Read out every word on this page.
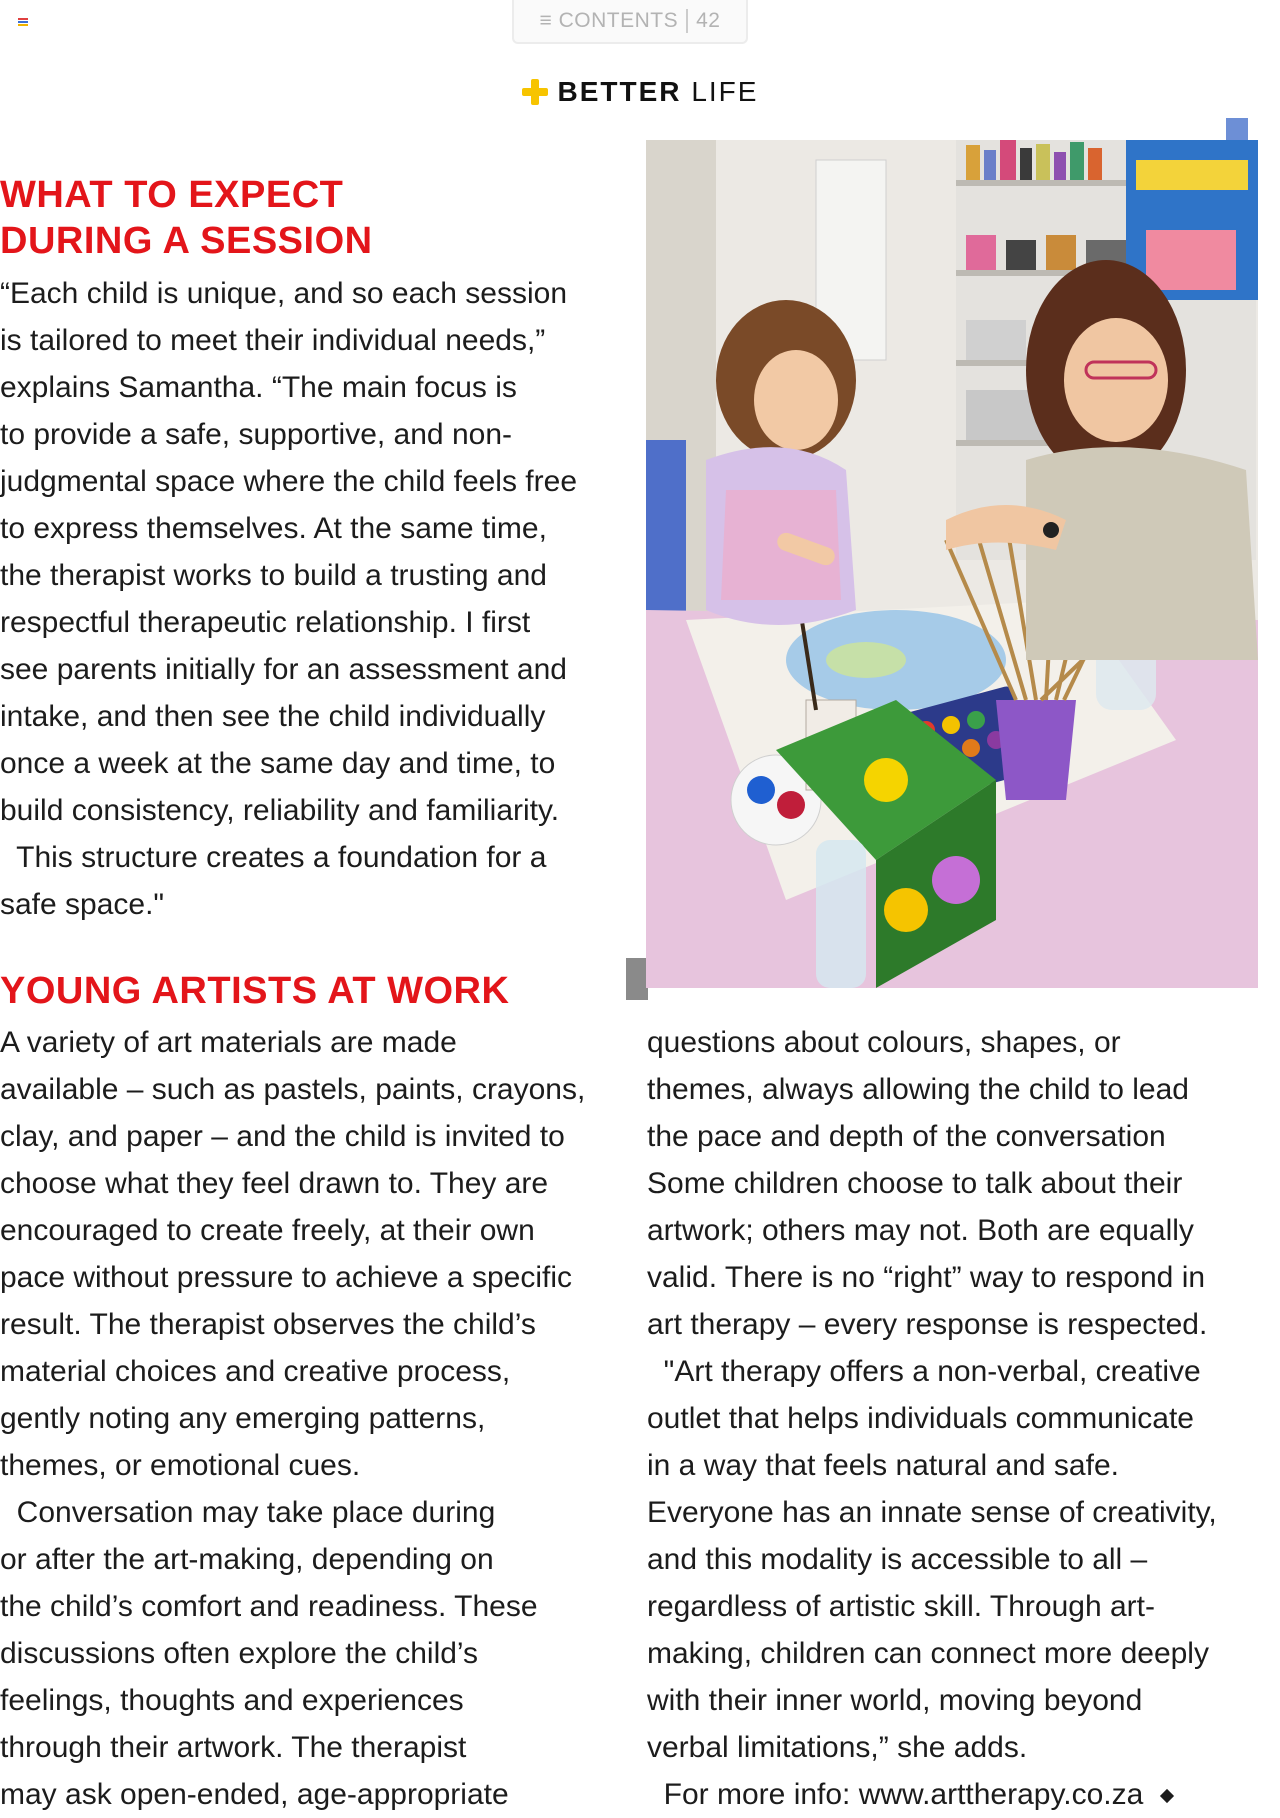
≡ CONTENTS 42
BETTER LIFE
WHAT TO EXPECT
DURING A SESSION
“Each child is unique, and so each session
is tailored to meet their individual needs,”
explains Samantha. “The main focus is
to provide a safe, supportive, and non-
judgmental space where the child feels free
to express themselves. At the same time,
the therapist works to build a trusting and
respectful therapeutic relationship. I first
see parents initially for an assessment and
intake, and then see the child individually
once a week at the same day and time, to
build consistency, reliability and familiarity.
This structure creates a foundation for a
safe space."
YOUNG ARTISTS AT WORK
A variety of art materials are made
available – such as pastels, paints, crayons,
clay, and paper – and the child is invited to
choose what they feel drawn to. They are
encouraged to create freely, at their own
pace without pressure to achieve a specific
result. The therapist observes the child’s
material choices and creative process,
gently noting any emerging patterns,
themes, or emotional cues.
Conversation may take place during
or after the art-making, depending on
the child’s comfort and readiness. These
discussions often explore the child’s
feelings, thoughts and experiences
through their artwork. The therapist
may ask open-ended, age-appropriate
questions about colours, shapes, or
themes, always allowing the child to lead
the pace and depth of the conversation
Some children choose to talk about their
artwork; others may not. Both are equally
valid. There is no “right” way to respond in
art therapy – every response is respected.
"Art therapy offers a non-verbal, creative
outlet that helps individuals communicate
in a way that feels natural and safe.
Everyone has an innate sense of creativity,
and this modality is accessible to all –
regardless of artistic skill. Through art-
making, children can connect more deeply
with their inner world, moving beyond
verbal limitations,” she adds.
For more info: www.arttherapy.co.za
